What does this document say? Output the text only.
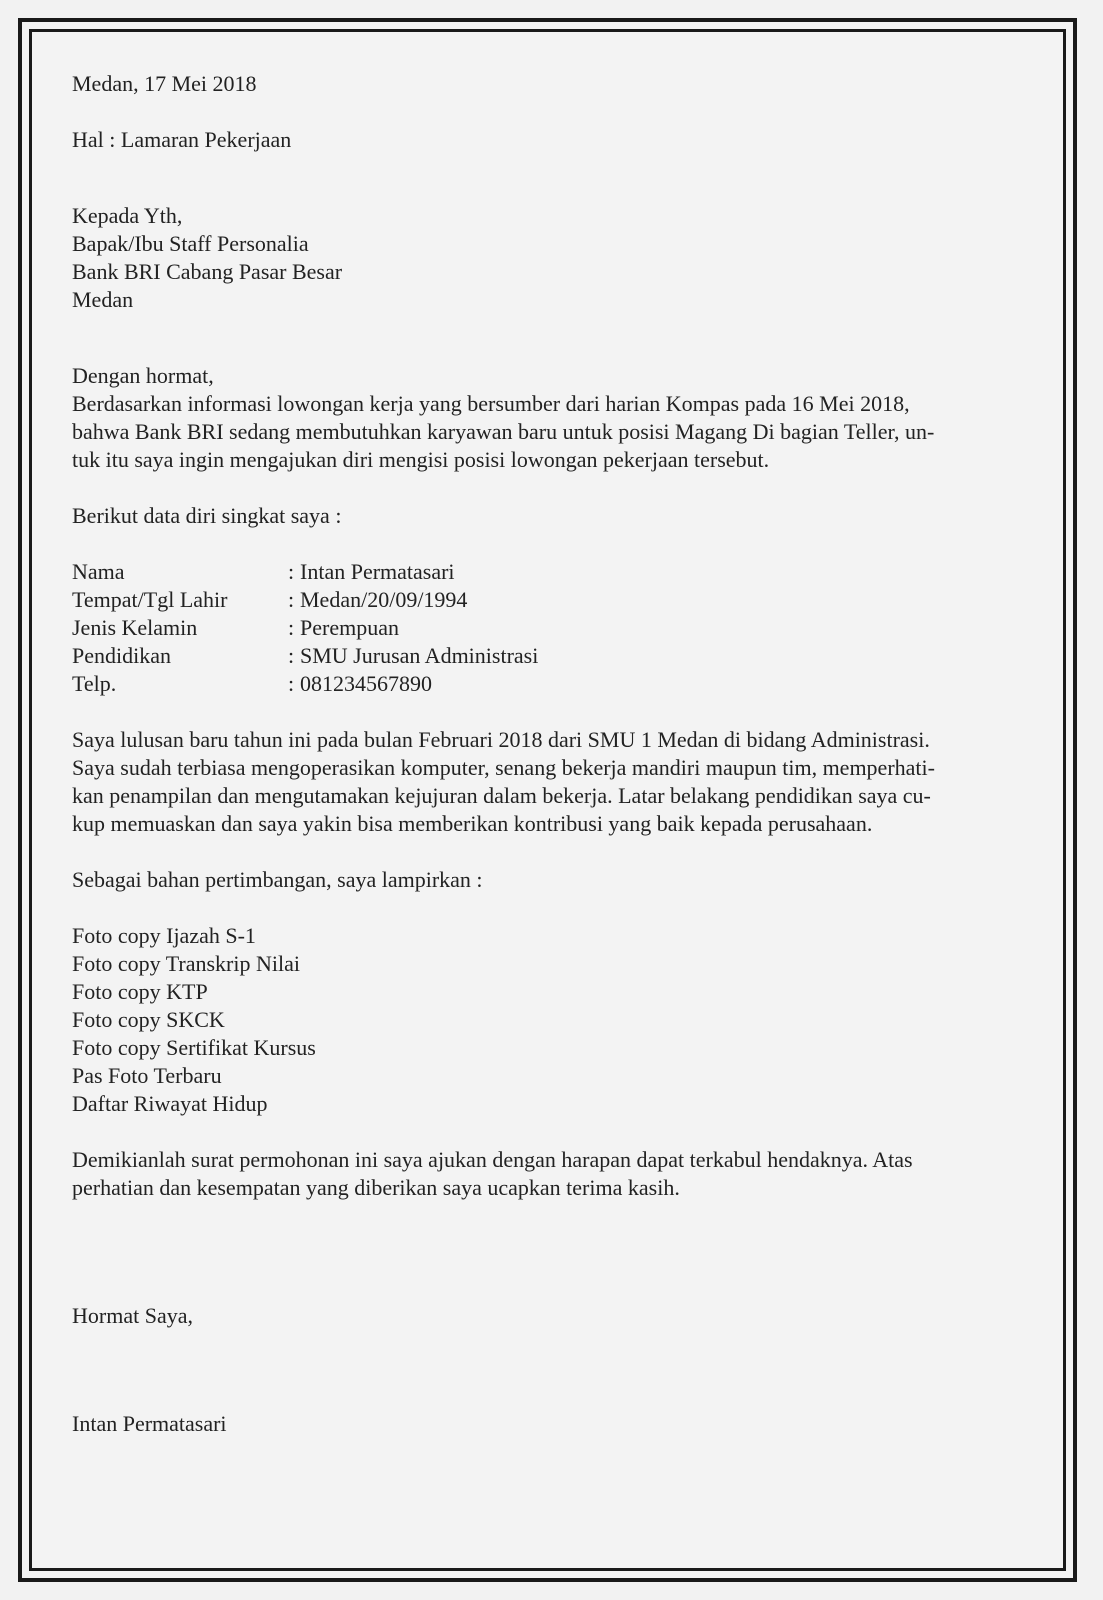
Medan, 17 Mei 2018
Hal : Lamaran Pekerjaan
Kepada Yth,
Bapak/Ibu Staff Personalia
Bank BRI Cabang Pasar Besar
Medan
Dengan hormat,
Berdasarkan informasi lowongan kerja yang bersumber dari harian Kompas pada 16 Mei 2018,
bahwa Bank BRI sedang membutuhkan karyawan baru untuk posisi Magang Di bagian Teller, un-
tuk itu saya ingin mengajukan diri mengisi posisi lowongan pekerjaan tersebut.
Berikut data diri singkat saya :
Nama	: Intan Permatasari
Tempat/Tgl Lahir	: Medan/20/09/1994
Jenis Kelamin	: Perempuan
Pendidikan	: SMU Jurusan Administrasi
Telp.	: 081234567890
Saya lulusan baru tahun ini pada bulan Februari 2018 dari SMU 1 Medan di bidang Administrasi.
Saya sudah terbiasa mengoperasikan komputer, senang bekerja mandiri maupun tim, memperhati-
kan penampilan dan mengutamakan kejujuran dalam bekerja. Latar belakang pendidikan saya cu-
kup memuaskan dan saya yakin bisa memberikan kontribusi yang baik kepada perusahaan.
Sebagai bahan pertimbangan, saya lampirkan :
Foto copy Ijazah S-1
Foto copy Transkrip Nilai
Foto copy KTP
Foto copy SKCK
Foto copy Sertifikat Kursus
Pas Foto Terbaru
Daftar Riwayat Hidup
Demikianlah surat permohonan ini saya ajukan dengan harapan dapat terkabul hendaknya. Atas
perhatian dan kesempatan yang diberikan saya ucapkan terima kasih.
Hormat Saya,
Intan Permatasari
